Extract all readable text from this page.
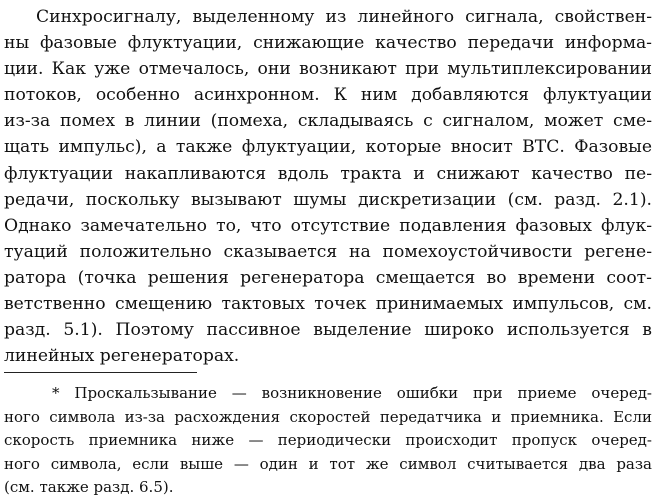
Синхросигналу, выделенному из линейного сигнала, свойствен-
ны фазовые флуктуации, снижающие качество передачи информа-
ции. Как уже отмечалось, они возникают при мультиплексировании
потоков, особенно асинхронном. К ним добавляются флуктуации
из-за помех в линии (помеха, складываясь с сигналом, может сме-
щать импульс), а также флуктуации, которые вносит ВТС. Фазовые
флуктуации накапливаются вдоль тракта и снижают качество пе-
редачи, поскольку вызывают шумы дискретизации (см. разд. 2.1).
Однако замечательно то, что отсутствие подавления фазовых флук-
туаций положительно сказывается на помехоустойчивости регене-
ратора (точка решения регенератора смещается во времени соот-
ветственно смещению тактовых точек принимаемых импульсов, см.
разд. 5.1). Поэтому пассивное выделение широко используется в
линейных регенераторах.
* Проскальзывание — возникновение ошибки при приеме очеред-
ного символа из-за расхождения скоростей передатчика и приемника. Если
скорость приемника ниже — периодически происходит пропуск очеред-
ного символа, если выше — один и тот же символ считывается два раза
(см. также разд. 6.5).
